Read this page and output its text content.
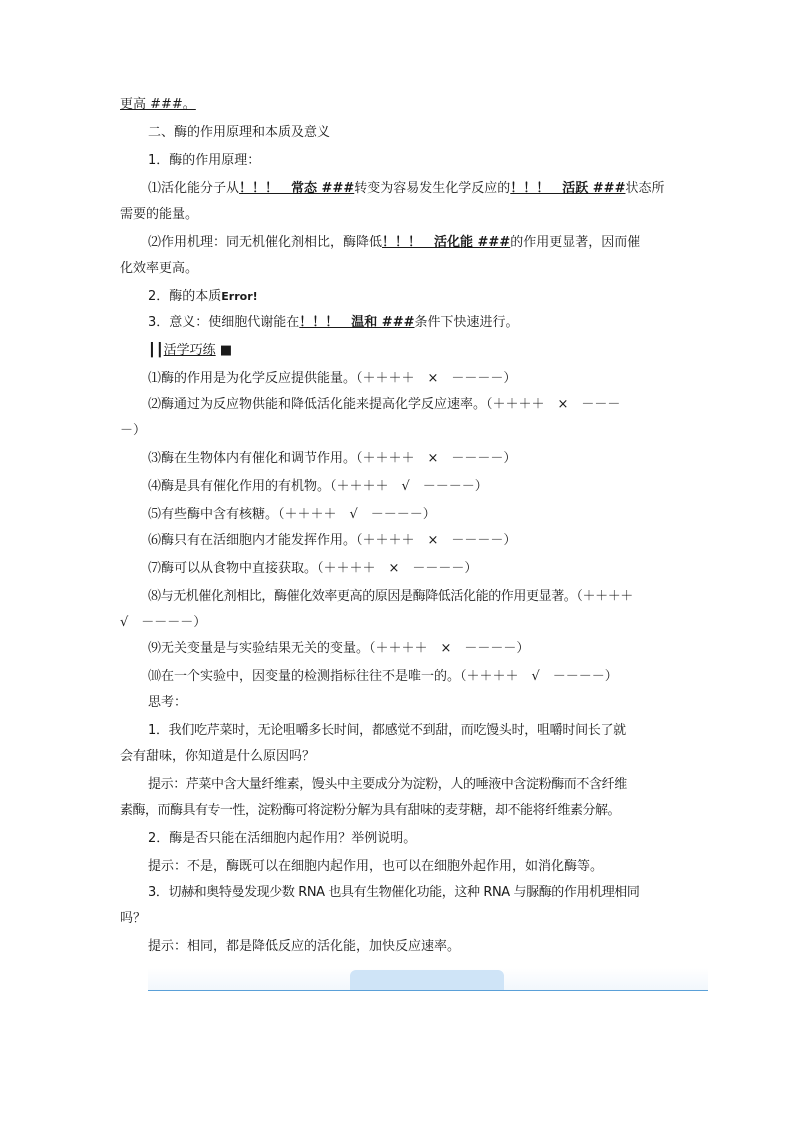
更高 ###。
二、酶的作用原理和本质及意义
1．酶的作用原理：
⑴活化能分子从！！！　常态 ###转变为容易发生化学反应的！！！　活跃 ###状态所
需要的能量。
⑵作用机理：同无机催化剂相比，酶降低！！！　活化能 ###的作用更显著，因而催
化效率更高。
2．酶的本质Error!
3．意义：使细胞代谢能在！！！　温和 ###条件下快速进行。
┃┃活学巧练 ■
⑴酶的作用是为化学反应提供能量。（＋＋＋＋　×　－－－－）
⑵酶通过为反应物供能和降低活化能来提高化学反应速率。（＋＋＋＋　×　－－－
－）
⑶酶在生物体内有催化和调节作用。（＋＋＋＋　×　－－－－）
⑷酶是具有催化作用的有机物。（＋＋＋＋　√　－－－－）
⑸有些酶中含有核糖。（＋＋＋＋　√　－－－－）
⑹酶只有在活细胞内才能发挥作用。（＋＋＋＋　×　－－－－）
⑺酶可以从食物中直接获取。（＋＋＋＋　×　－－－－）
⑻与无机催化剂相比，酶催化效率更高的原因是酶降低活化能的作用更显著。（＋＋＋＋
√　－－－－）
⑼无关变量是与实验结果无关的变量。（＋＋＋＋　×　－－－－）
⑽在一个实验中，因变量的检测指标往往不是唯一的。（＋＋＋＋　√　－－－－）
思考：
1．我们吃芹菜时，无论咀嚼多长时间，都感觉不到甜，而吃馒头时，咀嚼时间长了就
会有甜味，你知道是什么原因吗？
提示：芹菜中含大量纤维素，馒头中主要成分为淀粉，人的唾液中含淀粉酶而不含纤维
素酶，而酶具有专一性，淀粉酶可将淀粉分解为具有甜味的麦芽糖，却不能将纤维素分解。
2．酶是否只能在活细胞内起作用？举例说明。
提示：不是，酶既可以在细胞内起作用，也可以在细胞外起作用，如消化酶等。
3．切赫和奥特曼发现少数 RNA 也具有生物催化功能，这种 RNA 与脲酶的作用机理相同
吗？
提示：相同，都是降低反应的活化能，加快反应速率。
